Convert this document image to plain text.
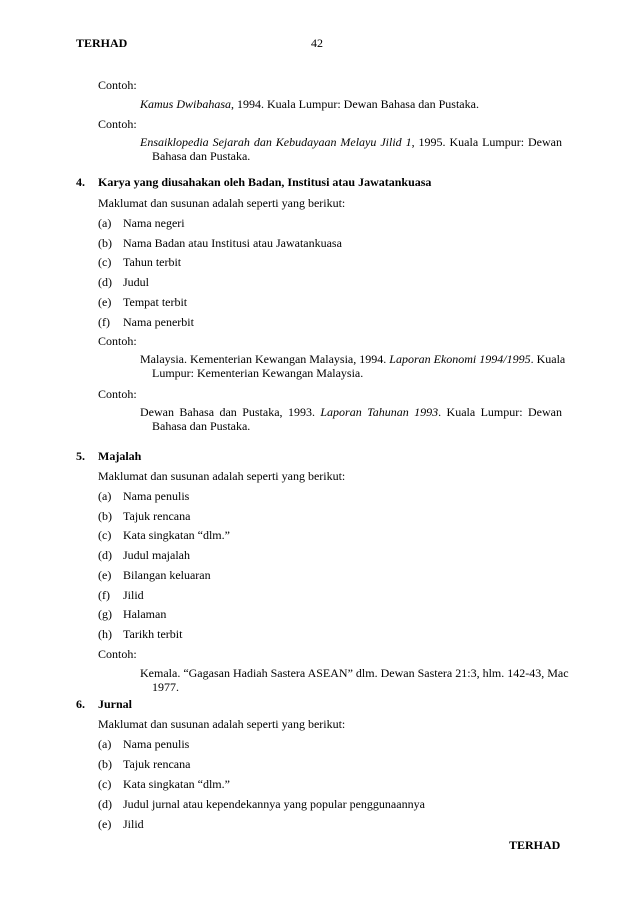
TERHAD	42
Contoh:
Kamus Dwibahasa, 1994. Kuala Lumpur: Dewan Bahasa dan Pustaka.
Contoh:
Ensaiklopedia Sejarah dan Kebudayaan Melayu Jilid 1, 1995. Kuala Lumpur: Dewan
Bahasa dan Pustaka.
4. Karya yang diusahakan oleh Badan, Institusi atau Jawatankuasa
Maklumat dan susunan adalah seperti yang berikut:
(a) Nama negeri
(b) Nama Badan atau Institusi atau Jawatankuasa
(c) Tahun terbit
(d) Judul
(e) Tempat terbit
(f) Nama penerbit
Contoh:
Malaysia. Kementerian Kewangan Malaysia, 1994. Laporan Ekonomi 1994/1995. Kuala
Lumpur: Kementerian Kewangan Malaysia.
Contoh:
Dewan Bahasa dan Pustaka, 1993. Laporan Tahunan 1993. Kuala Lumpur: Dewan
Bahasa dan Pustaka.
5. Majalah
Maklumat dan susunan adalah seperti yang berikut:
(a) Nama penulis
(b) Tajuk rencana
(c) Kata singkatan “dlm.”
(d) Judul majalah
(e) Bilangan keluaran
(f) Jilid
(g) Halaman
(h) Tarikh terbit
Contoh:
Kemala. “Gagasan Hadiah Sastera ASEAN” dlm. Dewan Sastera 21:3, hlm. 142-43, Mac
1977.
6. Jurnal
Maklumat dan susunan adalah seperti yang berikut:
(a) Nama penulis
(b) Tajuk rencana
(c) Kata singkatan “dlm.”
(d) Judul jurnal atau kependekannya yang popular penggunaannya
(e) Jilid
TERHAD
